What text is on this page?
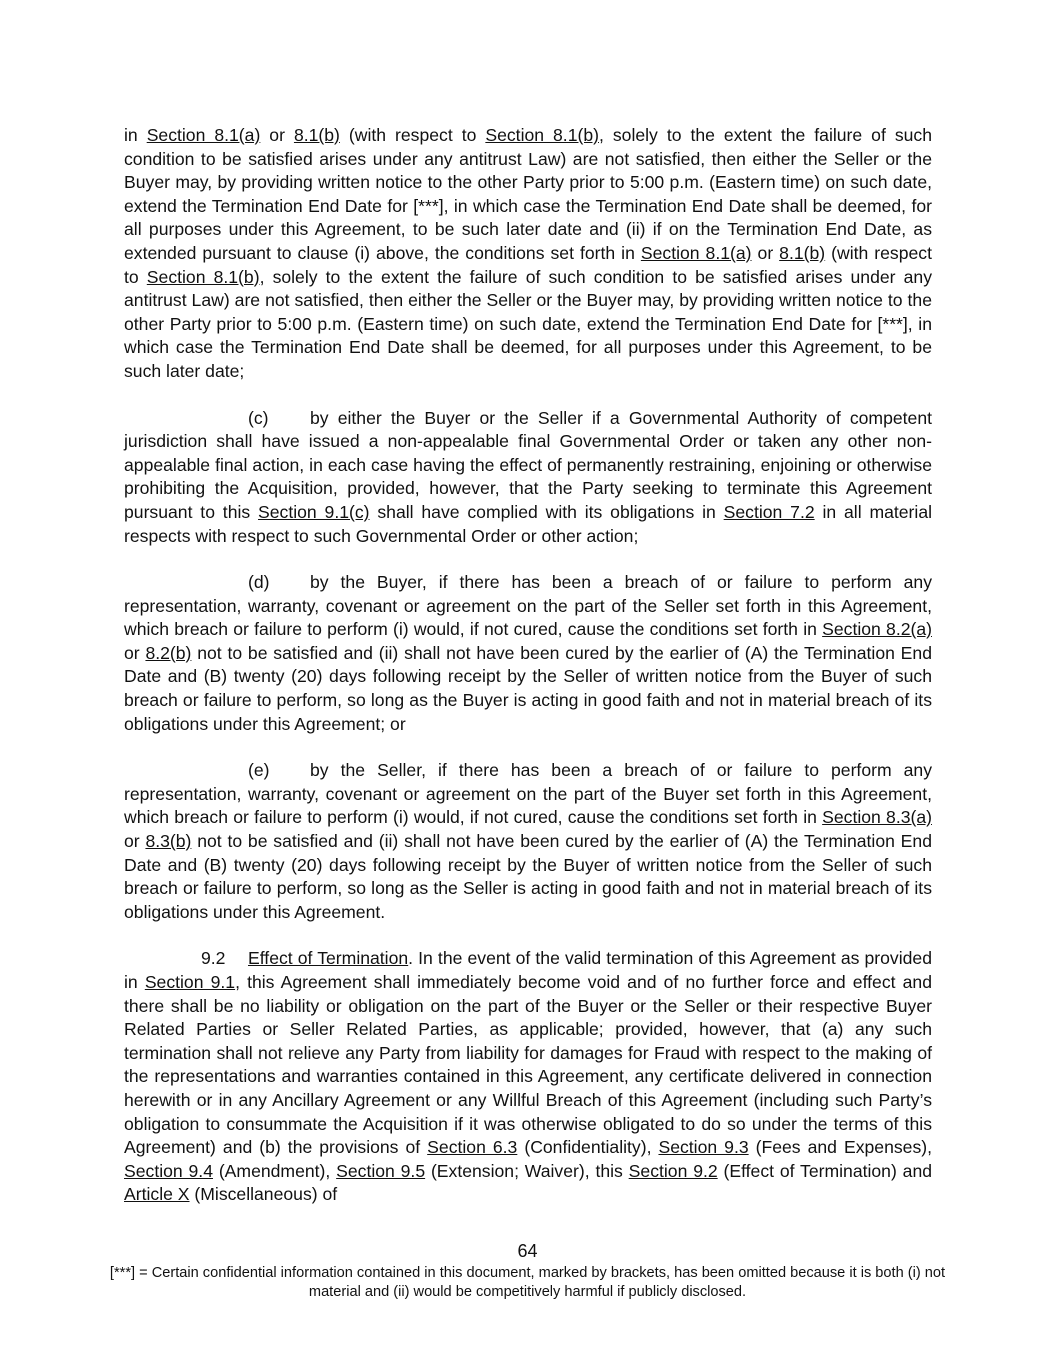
in Section 8.1(a) or 8.1(b) (with respect to Section 8.1(b), solely to the extent the failure of such condition to be satisfied arises under any antitrust Law) are not satisfied, then either the Seller or the Buyer may, by providing written notice to the other Party prior to 5:00 p.m. (Eastern time) on such date, extend the Termination End Date for [***], in which case the Termination End Date shall be deemed, for all purposes under this Agreement, to be such later date and (ii) if on the Termination End Date, as extended pursuant to clause (i) above, the conditions set forth in Section 8.1(a) or 8.1(b) (with respect to Section 8.1(b), solely to the extent the failure of such condition to be satisfied arises under any antitrust Law) are not satisfied, then either the Seller or the Buyer may, by providing written notice to the other Party prior to 5:00 p.m. (Eastern time) on such date, extend the Termination End Date for [***], in which case the Termination End Date shall be deemed, for all purposes under this Agreement, to be such later date;

(c) by either the Buyer or the Seller if a Governmental Authority of competent jurisdiction shall have issued a non-appealable final Governmental Order or taken any other non-appealable final action, in each case having the effect of permanently restraining, enjoining or otherwise prohibiting the Acquisition, provided, however, that the Party seeking to terminate this Agreement pursuant to this Section 9.1(c) shall have complied with its obligations in Section 7.2 in all material respects with respect to such Governmental Order or other action;

(d) by the Buyer, if there has been a breach of or failure to perform any representation, warranty, covenant or agreement on the part of the Seller set forth in this Agreement, which breach or failure to perform (i) would, if not cured, cause the conditions set forth in Section 8.2(a) or 8.2(b) not to be satisfied and (ii) shall not have been cured by the earlier of (A) the Termination End Date and (B) twenty (20) days following receipt by the Seller of written notice from the Buyer of such breach or failure to perform, so long as the Buyer is acting in good faith and not in material breach of its obligations under this Agreement; or

(e) by the Seller, if there has been a breach of or failure to perform any representation, warranty, covenant or agreement on the part of the Buyer set forth in this Agreement, which breach or failure to perform (i) would, if not cured, cause the conditions set forth in Section 8.3(a) or 8.3(b) not to be satisfied and (ii) shall not have been cured by the earlier of (A) the Termination End Date and (B) twenty (20) days following receipt by the Buyer of written notice from the Seller of such breach or failure to perform, so long as the Seller is acting in good faith and not in material breach of its obligations under this Agreement.

9.2 Effect of Termination. In the event of the valid termination of this Agreement as provided in Section 9.1, this Agreement shall immediately become void and of no further force and effect and there shall be no liability or obligation on the part of the Buyer or the Seller or their respective Buyer Related Parties or Seller Related Parties, as applicable; provided, however, that (a) any such termination shall not relieve any Party from liability for damages for Fraud with respect to the making of the representations and warranties contained in this Agreement, any certificate delivered in connection herewith or in any Ancillary Agreement or any Willful Breach of this Agreement (including such Party’s obligation to consummate the Acquisition if it was otherwise obligated to do so under the terms of this Agreement) and (b) the provisions of Section 6.3 (Confidentiality), Section 9.3 (Fees and Expenses), Section 9.4 (Amendment), Section 9.5 (Extension; Waiver), this Section 9.2 (Effect of Termination) and Article X (Miscellaneous) of

64
[***] = Certain confidential information contained in this document, marked by brackets, has been omitted because it is both (i) not material and (ii) would be competitively harmful if publicly disclosed.
